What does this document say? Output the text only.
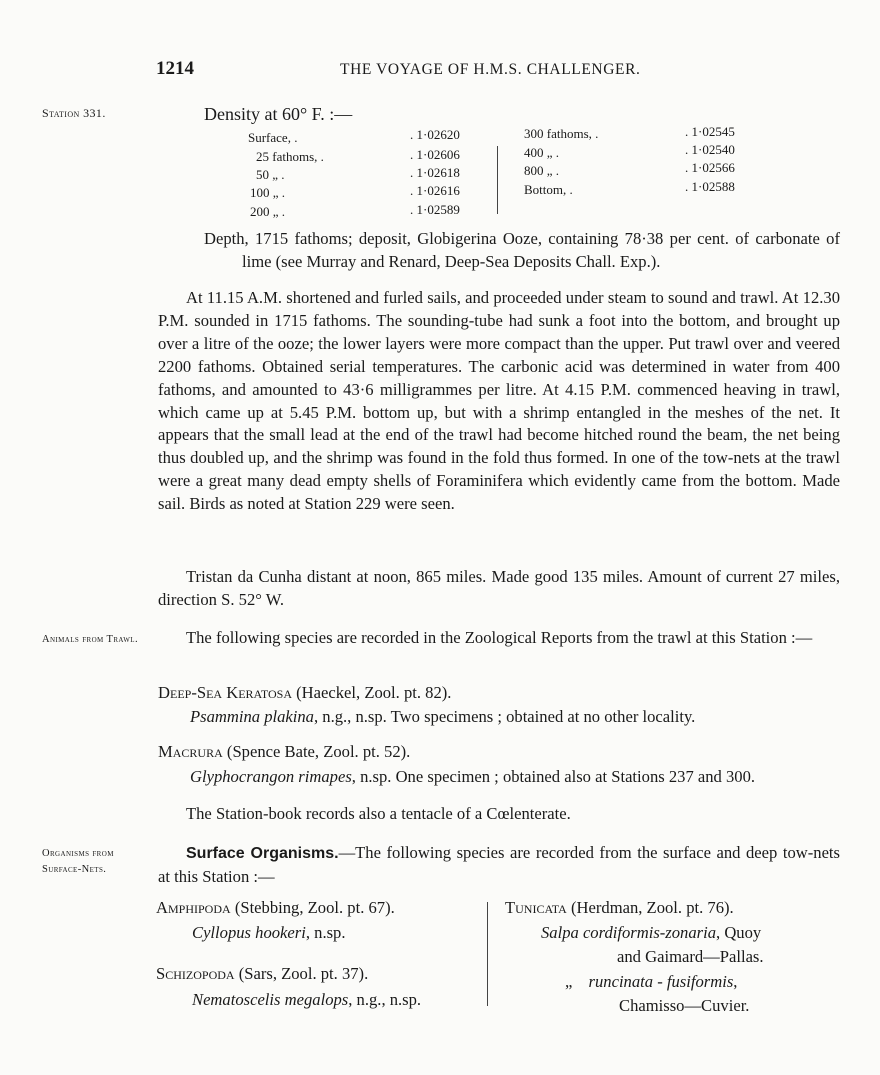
1214	THE VOYAGE OF H.M.S. CHALLENGER.
Station 331.	Density at 60° F. :—
Surface, .	. 1·02620
25 fathoms, .	. 1·02606
50 „ .	. 1·02618
100 „ .	. 1·02616
200 „ .	. 1·02589
300 fathoms, .	. 1·02545
400 „ .	. 1·02540
800 „ .	. 1·02566
Bottom, .	. 1·02588
Depth, 1715 fathoms; deposit, Globigerina Ooze, containing 78·38 per cent. of carbonate of lime (see Murray and Renard, Deep-Sea Deposits Chall. Exp.).

At 11.15 A.M. shortened and furled sails, and proceeded under steam to sound and trawl. At 12.30 P.M. sounded in 1715 fathoms. The sounding-tube had sunk a foot into the bottom, and brought up over a litre of the ooze; the lower layers were more compact than the upper. Put trawl over and veered 2200 fathoms. Obtained serial temperatures. The carbonic acid was determined in water from 400 fathoms, and amounted to 43·6 milligrammes per litre. At 4.15 P.M. commenced heaving in trawl, which came up at 5.45 P.M. bottom up, but with a shrimp entangled in the meshes of the net. It appears that the small lead at the end of the trawl had become hitched round the beam, the net being thus doubled up, and the shrimp was found in the fold thus formed. In one of the tow-nets at the trawl were a great many dead empty shells of Foraminifera which evidently came from the bottom. Made sail. Birds as noted at Station 229 were seen.

Tristan da Cunha distant at noon, 865 miles. Made good 135 miles. Amount of current 27 miles, direction S. 52° W.

Animals from Trawl.	The following species are recorded in the Zoological Reports from the trawl at this Station :—

Deep-Sea Keratosa (Haeckel, Zool. pt. 82).
Psammina plakina, n.g., n.sp. Two specimens ; obtained at no other locality.
Macrura (Spence Bate, Zool. pt. 52).
Glyphocrangon rimapes, n.sp. One specimen ; obtained also at Stations 237 and 300.
The Station-book records also a tentacle of a Cœlenterate.
Organisms from Surface-Nets.

Surface Organisms.—The following species are recorded from the surface and deep tow-nets at this Station :—

Amphipoda (Stebbing, Zool. pt. 67).
Cyllopus hookeri, n.sp.
Schizopoda (Sars, Zool. pt. 37).
Nematoscelis megalops, n.g., n.sp.
Tunicata (Herdman, Zool. pt. 76).
Salpa cordiformis-zonaria, Quoy
and Gaimard—Pallas.
„ runcinata - fusiformis,
Chamisso—Cuvier.
